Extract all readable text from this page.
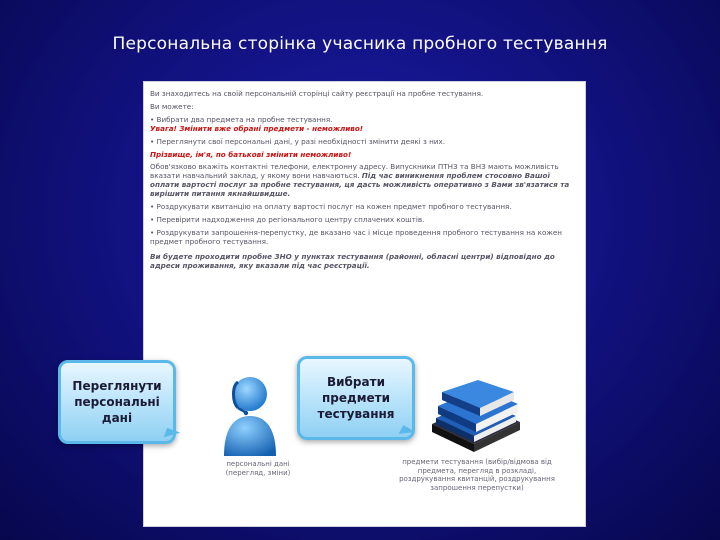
Персональна сторінка учасника пробного тестування

Ви знаходитесь на своїй персональній сторінці сайту реєстрації на пробне тестування.

Ви можете:

• Вибрати два предмета на пробне тестування.

Увага! Змінити вже обрані предмети - неможливо!

• Переглянути свої персональні дані, у разі необхідності змінити деякі з них.

Прізвище, ім'я, по батькові змінити неможливо!

Обов'язково вкажіть контактні телефони, електронну адресу. Випускники ПТНЗ та ВНЗ мають можливість вказати навчальний заклад, у якому вони навчаються. Під час виникнення проблем стосовно Вашої оплати вартості послуг за пробне тестування, ця дасть можливість оперативно з Вами зв'язатися та вирішити питання якнайшвидше.

• Роздрукувати квитанцію на оплату вартості послуг на кожен предмет пробного тестування.

• Перевірити надходження до регіонального центру сплачених коштів.

• Роздрукувати запрошення-перепустку, де вказано час і місце проведення пробного тестування на кожен предмет пробного тестування.

Ви будете проходити пробне ЗНО у пунктах тестування (районні, обласні центри) відповідно до адреси проживання, яку вказали під час реєстрації.

Переглянути персональні дані
Вибрати предмети тестування
персональні дані (перегляд, зміни)
предмети тестування (вибір/відмова від предмета, перегляд в розкладі, роздрукування квитанцій, роздрукування запрошення перепустки)
